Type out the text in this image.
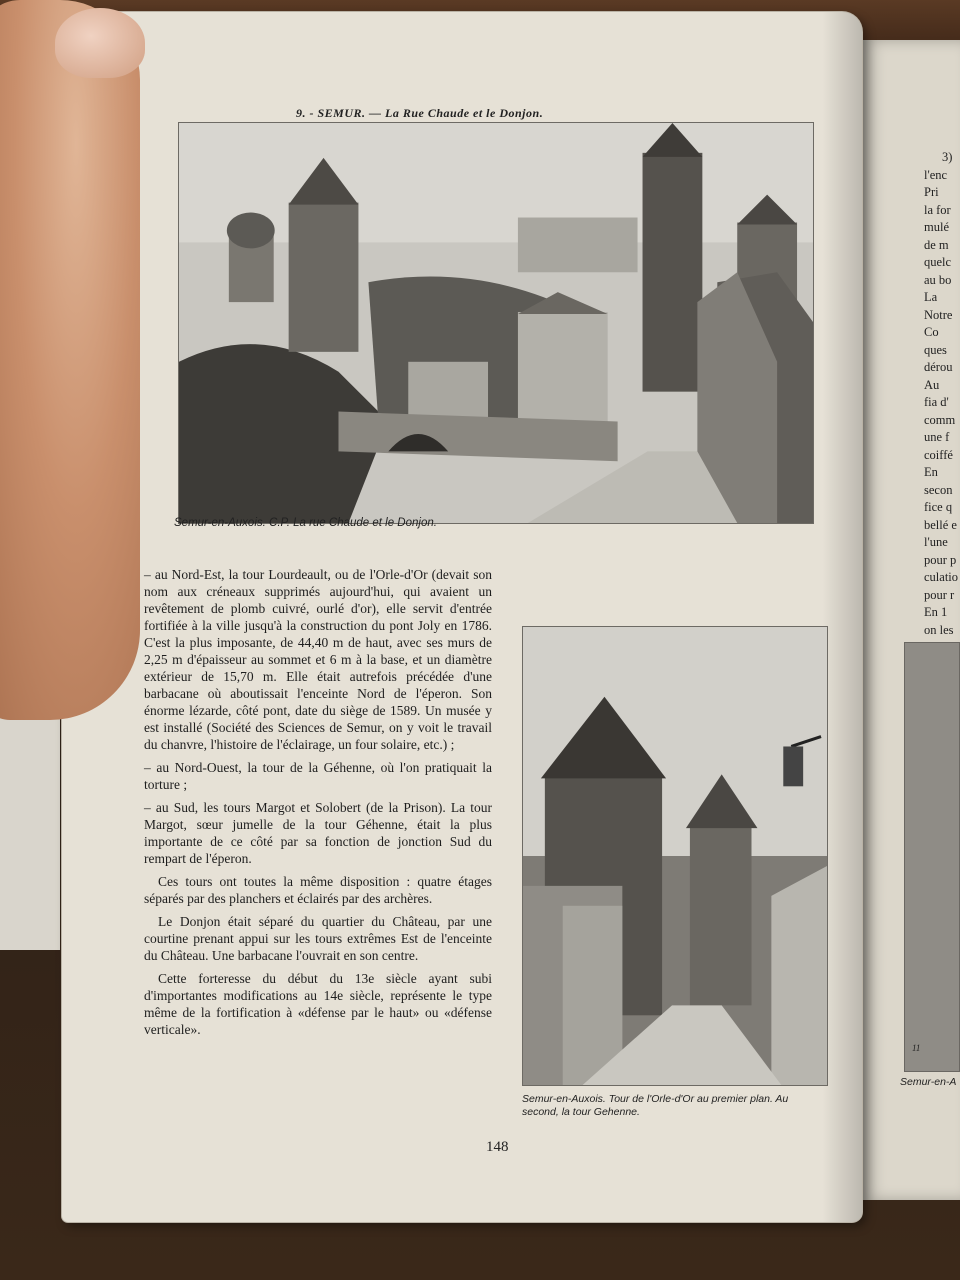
9. - SEMUR. — La Rue Chaude et le Donjon.
Semur-en-Auxois. C.P. La rue Chaude et le Donjon.
Semur-en-Auxois. Tour de l'Orle-d'Or au premier plan. Au
second, la tour Gehenne.

– au Nord-Est, la tour Lourdeault, ou de l'Orle-d'Or (devait son nom aux créneaux supprimés aujourd'hui, qui avaient un revêtement de plomb cuivré, ourlé d'or), elle servit d'entrée fortifiée à la ville jusqu'à la construction du pont Joly en 1786. C'est la plus imposante, de 44,40 m de haut, avec ses murs de 2,25 m d'épaisseur au sommet et 6 m à la base, et un diamètre extérieur de 15,70 m. Elle était autrefois précédée d'une barbacane où aboutissait l'enceinte Nord de l'éperon. Son énorme lézarde, côté pont, date du siège de 1589. Un musée y est installé (Société des Sciences de Semur, on y voit le travail du chanvre, l'histoire de l'éclairage, un four solaire, etc.) ;

– au Nord-Ouest, la tour de la Géhenne, où l'on pratiquait la torture ;

– au Sud, les tours Margot et Solobert (de la Prison). La tour Margot, sœur jumelle de la tour Géhenne, était la plus importante de ce côté par sa fonction de jonction Sud du rempart de l'éperon.

Ces tours ont toutes la même disposition : quatre étages séparés par des planchers et éclairés par des archères.

Le Donjon était séparé du quartier du Château, par une courtine prenant appui sur les tours extrêmes Est de l'enceinte du Château. Une barbacane l'ouvrait en son centre.

Cette forteresse du début du 13e siècle ayant subi d'importantes modifications au 14e siècle, représente le type même de la fortification à «défense par le haut» ou «défense verticale».

148
3)
l'enc
Pri
la for
mulé
de m
quelc
au bo
La
Notre
Co
ques
dérou
Au
fia d'
comm
une f
coiffé
En
secon
fice q
bellé e
l'une
pour p
culatio
pour r
En 1
on les
Semur-en-A
11
